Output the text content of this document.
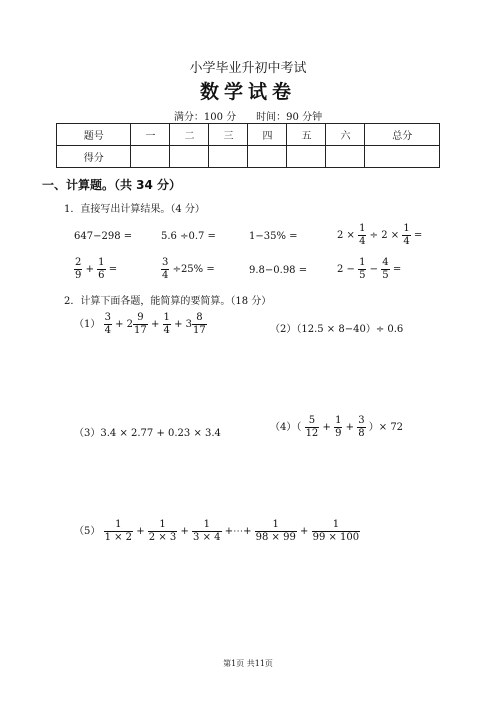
小学毕业升初中考试
数学试卷
满分：100 分　　时间：90 分钟
题号	一	二	三	四	五	六	总分
得分							
一、计算题。（共 34 分）
1．直接写出计算结果。（4 分）
647−298 =	5.6 ÷0.7 =	1−35% =	$2 \times \frac{1}{4} \div 2 \times \frac{1}{4}$ =
$\frac{2}{9} + \frac{1}{6}$ =	$\frac{3}{4} \div 25\%$ =	9.8−0.98 =	$2 - \frac{1}{5} - \frac{4}{5}$ =
2．计算下面各题，能简算的要简算。（18 分）
$(1) \frac{3}{4} + 2 \frac{9}{17} + \frac{1}{4} + 3 \frac{8}{17}$	（2）（12.5 × 8−40）÷ 0.6
（3）3.4 × 2.77 + 0.23 × 3.4
$(4)( \frac{5}{12} + \frac{1}{9} + \frac{3}{8}$ ）× 72
$(5) \frac{1}{1 \times 2} + \frac{1}{2 \times 3} + \frac{1}{3 \times 4}$ +⋯+ $\frac{1}{98 \times 99} + \frac{1}{99 \times 100}$
第1页 共11页
